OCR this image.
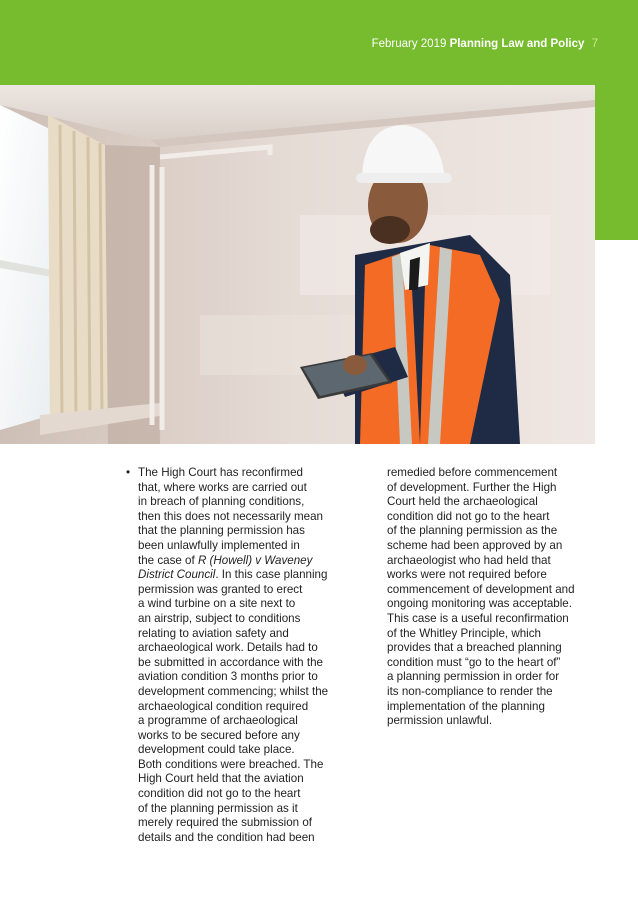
February 2019 Planning Law and Policy 7
• The High Court has reconfirmed
that, where works are carried out
in breach of planning conditions,
then this does not necessarily mean
that the planning permission has
been unlawfully implemented in
the case of R (Howell) v Waveney
District Council. In this case planning
permission was granted to erect
a wind turbine on a site next to
an airstrip, subject to conditions
relating to aviation safety and
archaeological work. Details had to
be submitted in accordance with the
aviation condition 3 months prior to
development commencing; whilst the
archaeological condition required
a programme of archaeological
works to be secured before any
development could take place.
Both conditions were breached. The
High Court held that the aviation
condition did not go to the heart
of the planning permission as it
merely required the submission of
details and the condition had been

remedied before commencement
of development. Further the High
Court held the archaeological
condition did not go to the heart
of the planning permission as the
scheme had been approved by an
archaeologist who had held that
works were not required before
commencement of development and
ongoing monitoring was acceptable.
This case is a useful reconfirmation
of the Whitley Principle, which
provides that a breached planning
condition must “go to the heart of”
a planning permission in order for
its non-compliance to render the
implementation of the planning
permission unlawful.
